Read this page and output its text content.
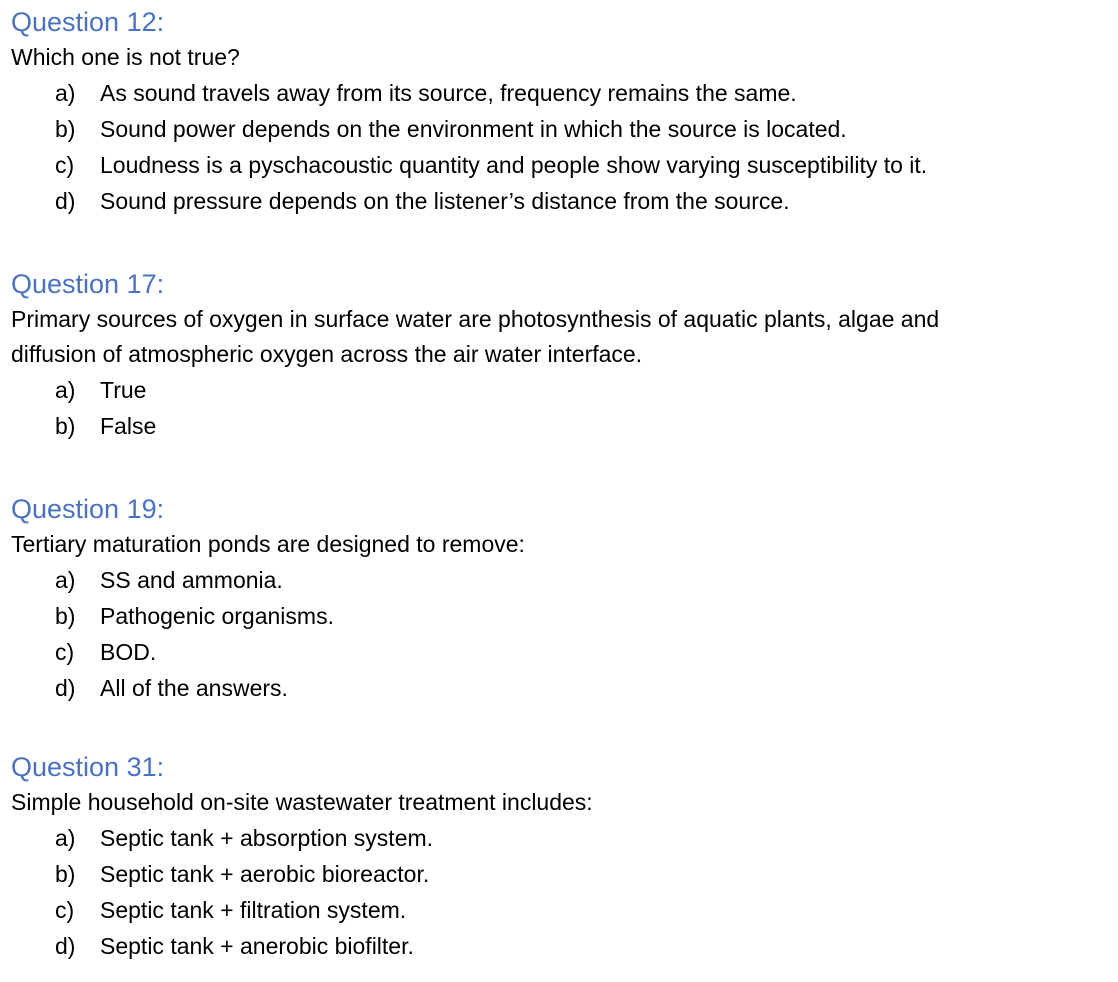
Question 12:
Which one is not true?
a) As sound travels away from its source, frequency remains the same.
b) Sound power depends on the environment in which the source is located.
c) Loudness is a pyschacoustic quantity and people show varying susceptibility to it.
d) Sound pressure depends on the listener’s distance from the source.
Question 17:
Primary sources of oxygen in surface water are photosynthesis of aquatic plants, algae and
diffusion of atmospheric oxygen across the air water interface.
a) True
b) False
Question 19:
Tertiary maturation ponds are designed to remove:
a) SS and ammonia.
b) Pathogenic organisms.
c) BOD.
d) All of the answers.
Question 31:
Simple household on-site wastewater treatment includes:
a) Septic tank + absorption system.
b) Septic tank + aerobic bioreactor.
c) Septic tank + filtration system.
d) Septic tank + anerobic biofilter.
